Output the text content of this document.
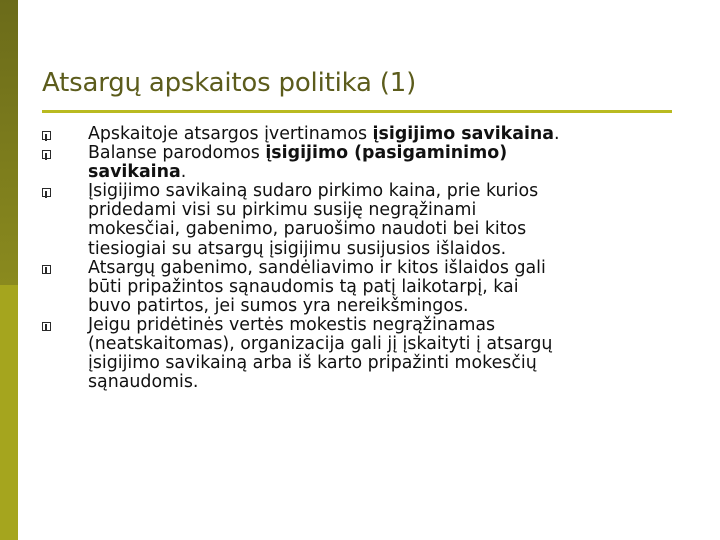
Atsargų apskaitos politika (1)
Apskaitoje atsargos įvertinamos įsigijimo savikaina.
Balanse parodomos įsigijimo (pasigaminimo)
savikaina.
Įsigijimo savikainą sudaro pirkimo kaina, prie kurios
pridedami visi su pirkimu susiję negrąžinami
mokesčiai, gabenimo, paruošimo naudoti bei kitos
tiesiogiai su atsargų įsigijimu susijusios išlaidos.
Atsargų gabenimo, sandėliavimo ir kitos išlaidos gali
būti pripažintos sąnaudomis tą patį laikotarpį, kai
buvo patirtos, jei sumos yra nereikšmingos.
Jeigu pridėtinės vertės mokestis negrąžinamas
(neatskaitomas), organizacija gali jį įskaityti į atsargų
įsigijimo savikainą arba iš karto pripažinti mokesčių
sąnaudomis.
